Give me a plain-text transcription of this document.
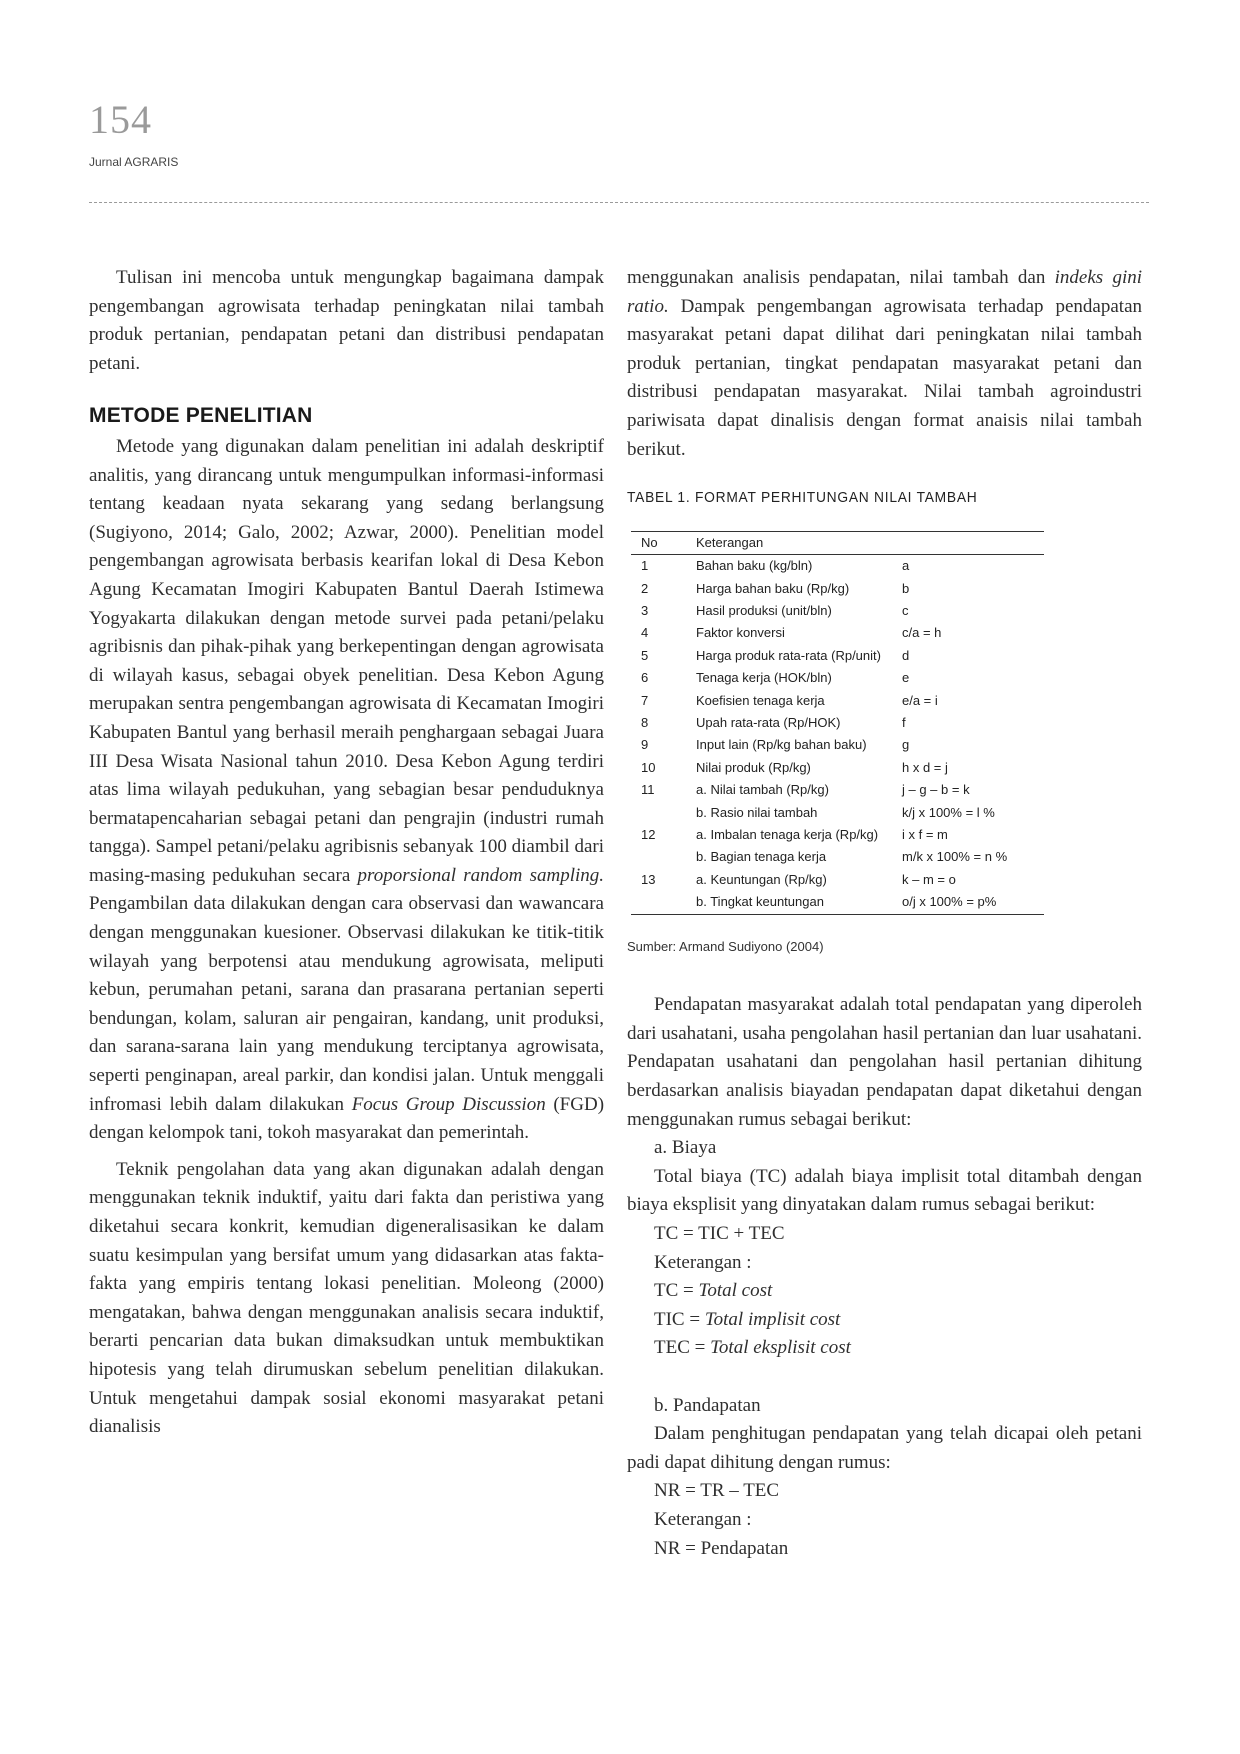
154
Jurnal AGRARIS

Tulisan ini mencoba untuk mengungkap bagaimana dampak pengembangan agrowisata terhadap peningkatan nilai tambah produk pertanian, pendapatan petani dan distribusi pendapatan petani.

METODE PENELITIAN

Metode yang digunakan dalam penelitian ini adalah deskriptif analitis, yang dirancang untuk mengumpulkan informasi-informasi tentang keadaan nyata sekarang yang sedang berlangsung (Sugiyono, 2014; Galo, 2002; Azwar, 2000). Penelitian model pengembangan agrowisata berbasis kearifan lokal di Desa Kebon Agung Kecamatan Imogiri Kabupaten Bantul Daerah Istimewa Yogyakarta dilakukan dengan metode survei pada petani/pelaku agribisnis dan pihak-pihak yang berkepentingan dengan agrowisata di wilayah kasus, sebagai obyek penelitian. Desa Kebon Agung merupakan sentra pengembangan agrowisata di Kecamatan Imogiri Kabupaten Bantul yang berhasil meraih penghargaan sebagai Juara III Desa Wisata Nasional tahun 2010. Desa Kebon Agung terdiri atas lima wilayah pedukuhan, yang sebagian besar penduduknya bermatapencaharian sebagai petani dan pengrajin (industri rumah tangga). Sampel petani/pelaku agribisnis sebanyak 100 diambil dari masing-masing pedukuhan secara proporsional random sampling. Pengambilan data dilakukan dengan cara observasi dan wawancara dengan menggunakan kuesioner. Observasi dilakukan ke titik-titik wilayah yang berpotensi atau mendukung agrowisata, meliputi kebun, perumahan petani, sarana dan prasarana pertanian seperti bendungan, kolam, saluran air pengairan, kandang, unit produksi, dan sarana-sarana lain yang mendukung terciptanya agrowisata, seperti penginapan, areal parkir, dan kondisi jalan. Untuk menggali infromasi lebih dalam dilakukan Focus Group Discussion (FGD) dengan kelompok tani, tokoh masyarakat dan pemerintah.

Teknik pengolahan data yang akan digunakan adalah dengan menggunakan teknik induktif, yaitu dari fakta dan peristiwa yang diketahui secara konkrit, kemudian digeneralisasikan ke dalam suatu kesimpulan yang bersifat umum yang didasarkan atas fakta-fakta yang empiris tentang lokasi penelitian. Moleong (2000) mengatakan, bahwa dengan menggunakan analisis secara induktif, berarti pencarian data bukan dimaksudkan untuk membuktikan hipotesis yang telah dirumuskan sebelum penelitian dilakukan. Untuk mengetahui dampak sosial ekonomi masyarakat petani dianalisis

menggunakan analisis pendapatan, nilai tambah dan indeks gini ratio. Dampak pengembangan agrowisata terhadap pendapatan masyarakat petani dapat dilihat dari peningkatan nilai tambah produk pertanian, tingkat pendapatan masyarakat petani dan distribusi pendapatan masyarakat. Nilai tambah agroindustri pariwisata dapat dinalisis dengan format anaisis nilai tambah berikut.

TABEL 1. FORMAT PERHITUNGAN NILAI TAMBAH
No	Keterangan	
1	Bahan baku (kg/bln)	a
2	Harga bahan baku (Rp/kg)	b
3	Hasil produksi (unit/bln)	c
4	Faktor konversi	c/a = h
5	Harga produk rata-rata (Rp/unit)	d
6	Tenaga kerja (HOK/bln)	e
7	Koefisien tenaga kerja	e/a = i
8	Upah rata-rata (Rp/HOK)	f
9	Input lain (Rp/kg bahan baku)	g
10	Nilai produk (Rp/kg)	h x d = j
11	a. Nilai tambah (Rp/kg)	j – g – b = k
	b. Rasio nilai tambah	k/j x 100% = l %
12	a. Imbalan tenaga kerja (Rp/kg)	i x f = m
	b. Bagian tenaga kerja	m/k x 100% = n %
13	a. Keuntungan (Rp/kg)	k – m = o
	b. Tingkat keuntungan	o/j x 100% = p%
Sumber: Armand Sudiyono (2004)

Pendapatan masyarakat adalah total pendapatan yang diperoleh dari usahatani, usaha pengolahan hasil pertanian dan luar usahatani. Pendapatan usahatani dan pengolahan hasil pertanian dihitung berdasarkan analisis biayadan pendapatan dapat diketahui dengan menggunakan rumus sebagai berikut:

a. Biaya

Total biaya (TC) adalah biaya implisit total ditambah dengan biaya eksplisit yang dinyatakan dalam rumus sebagai berikut:

TC = TIC + TEC

Keterangan :

TC = Total cost

TIC = Total implisit cost

TEC = Total eksplisit cost

b. Pandapatan

Dalam penghitugan pendapatan yang telah dicapai oleh petani padi dapat dihitung dengan rumus:

NR = TR – TEC

Keterangan :

NR = Pendapatan
